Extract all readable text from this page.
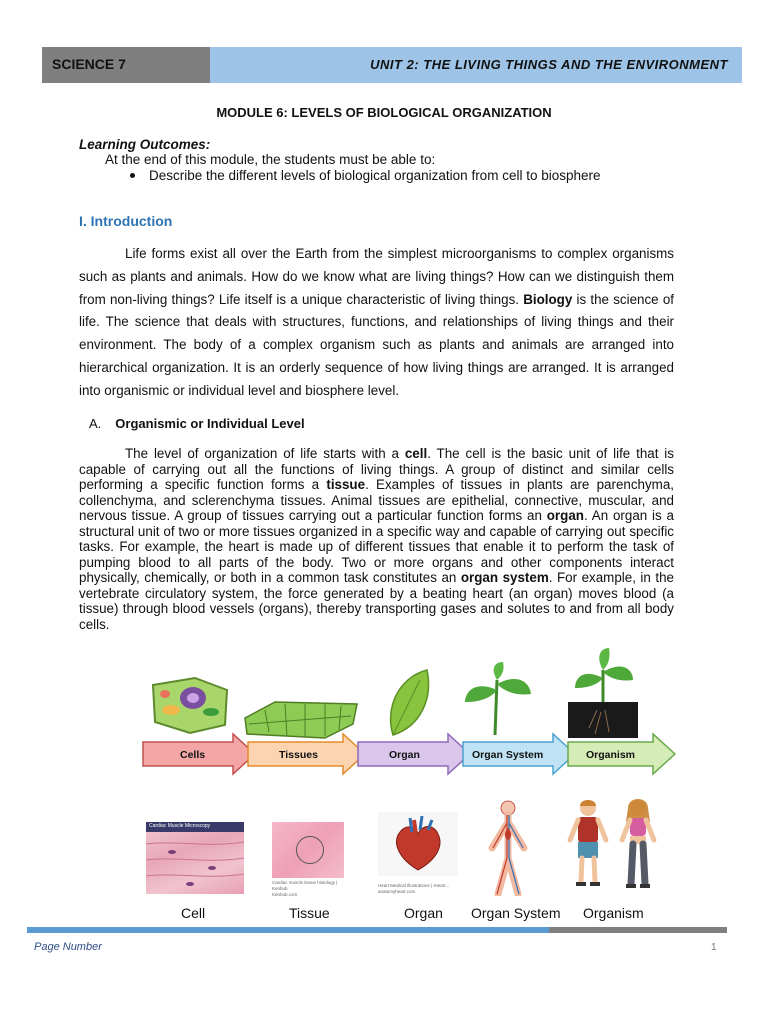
SCIENCE 7	UNIT 2: THE LIVING THINGS AND THE ENVIRONMENT
MODULE 6: LEVELS OF BIOLOGICAL ORGANIZATION
Learning Outcomes:
At the end of this module, the students must be able to:
Describe the different levels of biological organization from cell to biosphere
I. Introduction
Life forms exist all over the Earth from the simplest microorganisms to complex organisms such as plants and animals. How do we know what are living things? How can we distinguish them from non-living things? Life itself is a unique characteristic of living things. Biology is the science of life. The science that deals with structures, functions, and relationships of living things and their environment. The body of a complex organism such as plants and animals are arranged into hierarchical organization. It is an orderly sequence of how living things are arranged. It is arranged into organismic or individual level and biosphere level.
A. Organismic or Individual Level
The level of organization of life starts with a cell. The cell is the basic unit of life that is capable of carrying out all the functions of living things. A group of distinct and similar cells performing a specific function forms a tissue. Examples of tissues in plants are parenchyma, collenchyma, and sclerenchyma tissues. Animal tissues are epithelial, connective, muscular, and nervous tissue. A group of tissues carrying out a particular function forms an organ. An organ is a structural unit of two or more tissues organized in a specific way and capable of carrying out specific tasks. For example, the heart is made up of different tissues that enable it to perform the task of pumping blood to all parts of the body. Two or more organs and other components interact physically, chemically, or both in a common task constitutes an organ system. For example, in the vertebrate circulatory system, the force generated by a beating heart (an organ) moves blood (a tissue) through blood vessels (organs), thereby transporting gases and solutes to and from all body cells.
Cells	Tissues	Organ	Organ System	Organism
Cardiac Muscle Microscopy
Cardiac muscle tissue histology | Kenhub
Kenhub.com
Heart Medical Illustrations | iHeart...
anatomyheart.com
Cell	Tissue	Organ Organ System Organism
Page Number	1
